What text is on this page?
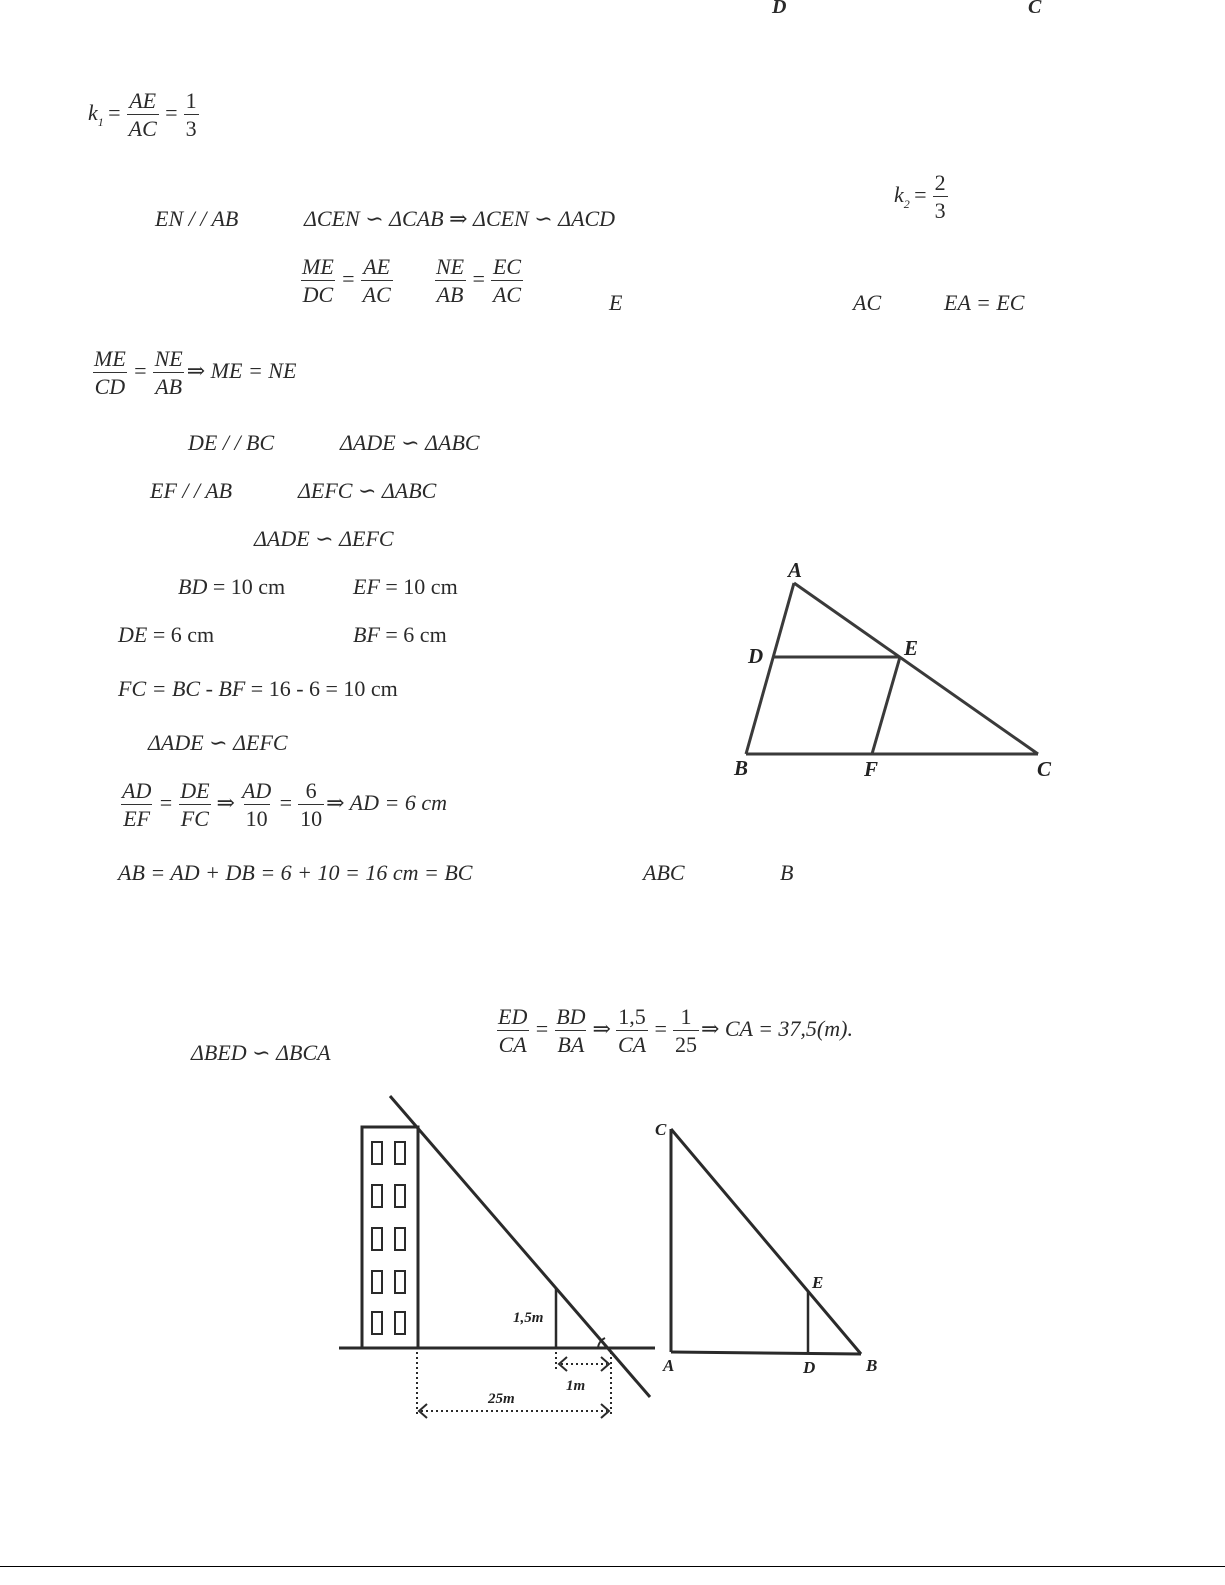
D	C
$k_1 = \frac{AE}{AC} = \frac{1}{3}$
EN / / AB	ΔCEN ∽ ΔCAB ⇒ ΔCEN ∽ ΔACD
$k_2 = \frac{2}{3}$
$\frac{ME}{DC} = \frac{AE}{AC} \frac{NE}{AB} = \frac{EC}{AC}$	E	AC	EA = EC
$\frac{ME}{CD} = \frac{NE}{AB}$ ⇒ ME = NE
DE / / BC	ΔADE ∽ ΔABC
EF / / AB	ΔEFC ∽ ΔABC
ΔADE ∽ ΔEFC
BD = 10 cm	EF = 10 cm
DE = 6 cm	BF = 6 cm
FC = BC - BF = 16 - 6 = 10 cm
ΔADE ∽ ΔEFC
$\frac{AD}{EF} = \frac{DE}{FC}$ ⇒ $\frac{AD}{10} = \frac{6}{10}$ ⇒ AD = 6 cm
AB = AD + DB = 6 + 10 = 16 cm = BC	ABC	B
ΔBED ∽ ΔBCA	$\frac{ED}{CA} = \frac{BD}{BA}$ ⇒ $\frac{1,5}{CA} = \frac{1}{25}$ ⇒ CA = 37,5(m).
A
D	E
B	F	C
1,5m
1m
25m
C
E
A	D	B
